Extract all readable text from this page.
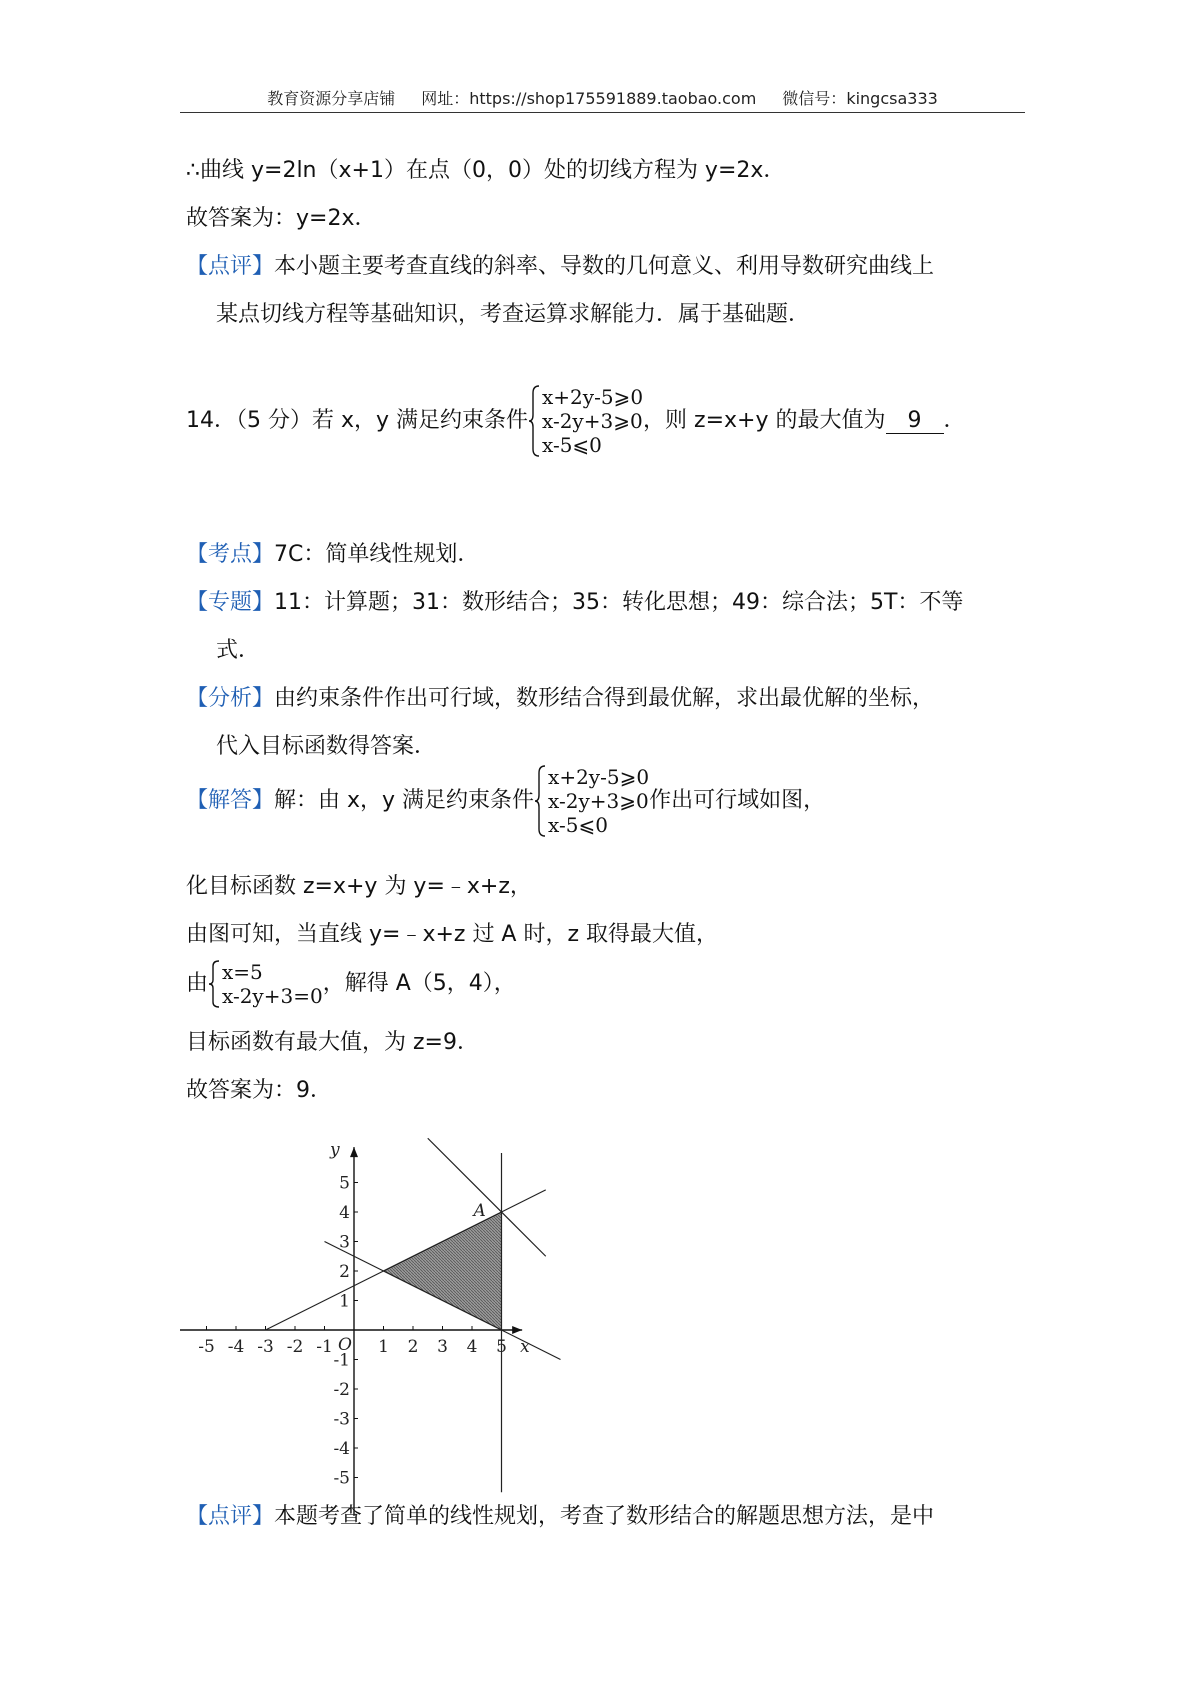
教育资源分享店铺 网址：https://shop175591889.taobao.com 微信号：kingcsa333
∴曲线 y=2ln（x+1）在点（0，0）处的切线方程为 y=2x．
故答案为：y=2x．
【点评】本小题主要考查直线的斜率、导数的几何意义、利用导数研究曲线上
某点切线方程等基础知识，考查运算求解能力．属于基础题．
14．（5 分）若 x，y 满足约束条件
x+2y-5⩾0
x-2y+3⩾0
x-5⩽0
，则 z=x+y 的最大值为 9 ．
【考点】7C：简单线性规划．
【专题】11：计算题；31：数形结合；35：转化思想；49：综合法；5T：不等
式．
【分析】由约束条件作出可行域，数形结合得到最优解，求出最优解的坐标，
代入目标函数得答案．
【解答】解：由 x，y 满足约束条件
x+2y-5⩾0
x-2y+3⩾0
x-5⩽0
作出可行域如图，
化目标函数 z=x+y 为 y=﹣x+z，
由图可知，当直线 y=﹣x+z 过 A 时，z 取得最大值，
由 x=5
x-2y+3=0 ，解得 A（5，4），
目标函数有最大值，为 z=9．
故答案为：9．
-5 -4 -3 -2 -1	1 2 3 4 5
5
4
3
2
1
-1
-2
-3
-4
-5
O	x
y
A
【点评】本题考查了简单的线性规划，考查了数形结合的解题思想方法，是中
